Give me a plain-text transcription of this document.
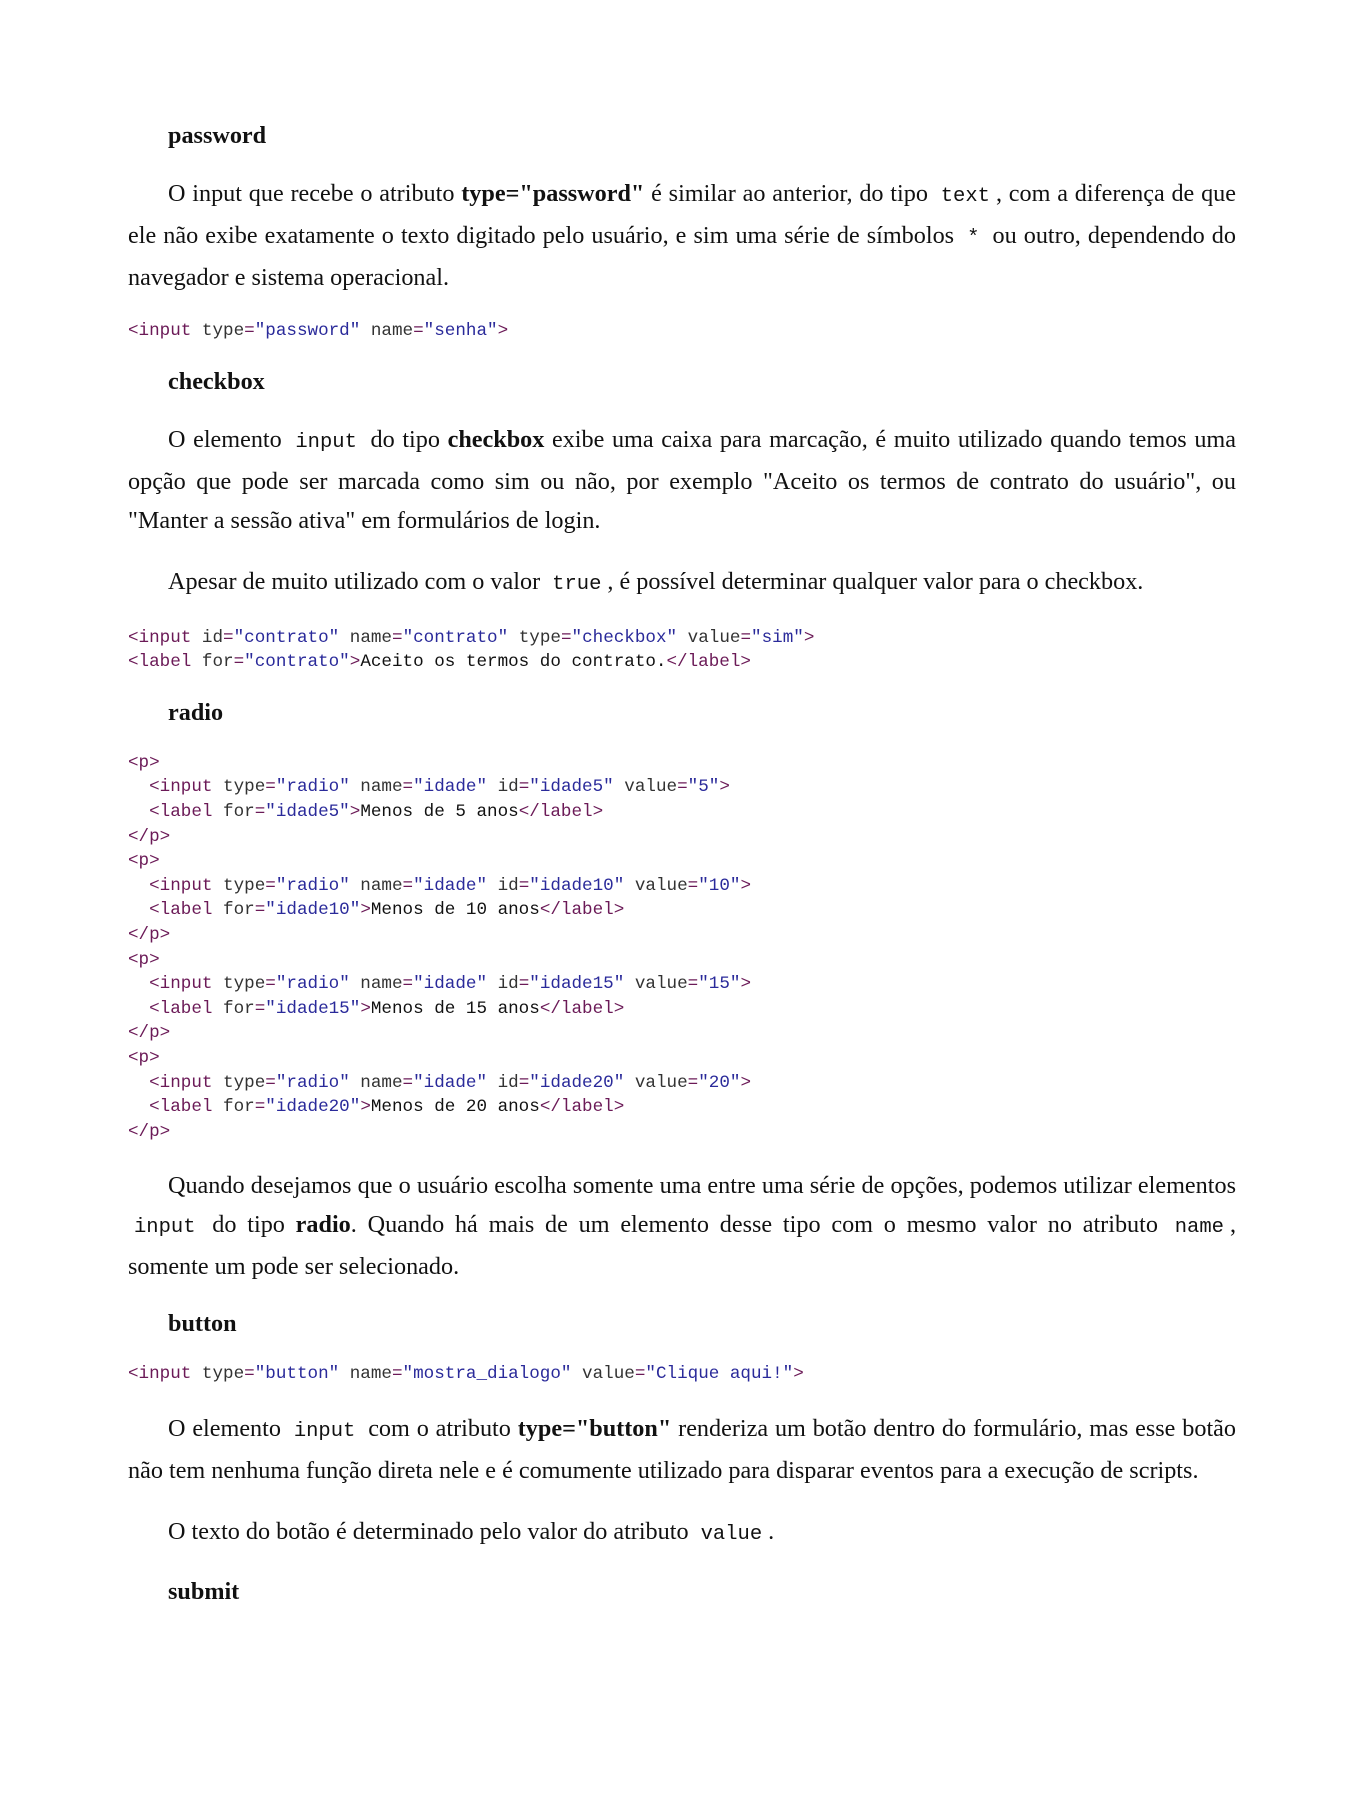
password

O input que recebe o atributo type="password" é similar ao anterior, do tipo text , com a diferença de que ele não exibe exatamente o texto digitado pelo usuário, e sim uma série de símbolos * ou outro, dependendo do navegador e sistema operacional.

<input type="password" name="senha">
checkbox

O elemento input do tipo checkbox exibe uma caixa para marcação, é muito utilizado quando temos uma opção que pode ser marcada como sim ou não, por exemplo "Aceito os termos de contrato do usuário", ou "Manter a sessão ativa" em formulários de login.

Apesar de muito utilizado com o valor true , é possível determinar qualquer valor para o checkbox.

<input id="contrato" name="contrato" type="checkbox" value="sim">
<label for="contrato">Aceito os termos do contrato.</label>
radio
<p>
<input type="radio" name="idade" id="idade5" value="5">
<label for="idade5">Menos de 5 anos</label>
</p>
<p>
<input type="radio" name="idade" id="idade10" value="10">
<label for="idade10">Menos de 10 anos</label>
</p>
<p>
<input type="radio" name="idade" id="idade15" value="15">
<label for="idade15">Menos de 15 anos</label>
</p>
<p>
<input type="radio" name="idade" id="idade20" value="20">
<label for="idade20">Menos de 20 anos</label>
</p>

Quando desejamos que o usuário escolha somente uma entre uma série de opções, podemos utilizar elementos input do tipo radio. Quando há mais de um elemento desse tipo com o mesmo valor no atributo name , somente um pode ser selecionado.

button
<input type="button" name="mostra_dialogo" value="Clique aqui!">

O elemento input com o atributo type="button" renderiza um botão dentro do formulário, mas esse botão não tem nenhuma função direta nele e é comumente utilizado para disparar eventos para a execução de scripts.

O texto do botão é determinado pelo valor do atributo value .

submit
